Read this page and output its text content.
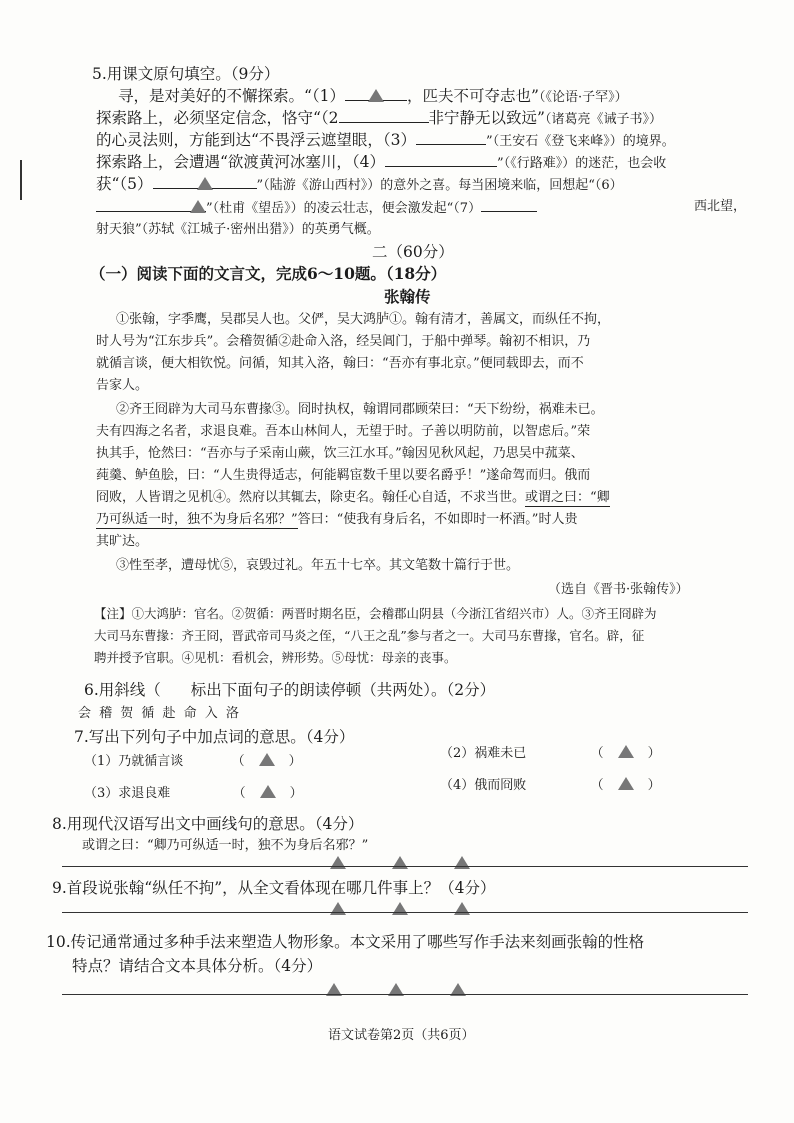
5.用课文原句填空。（9分）
寻，是对美好的不懈探索。“（1）	，匹夫不可夺志也”（《论语·子罕》）
探索路上，必须坚定信念，恪守“（2	非宁静无以致远”（诸葛亮《诫子书》）
的心灵法则，方能到达“不畏浮云遮望眼，（3）	”（王安石《登飞来峰》）的境界。
探索路上，会遭遇“欲渡黄河冰塞川，（4）	”（《行路难》）的迷茫，也会收
获“（5）	”（陆游《游山西村》）的意外之喜。每当困境来临，回想起“（6）
西北望，
”（杜甫《望岳》）的凌云壮志，便会激发起“（7）
射天狼”（苏轼《江城子·密州出猎》）的英勇气概。
二（60分）
（一）阅读下面的文言文，完成6～10题。（18分）
张翰传
①张翰，字季鹰，吴郡吴人也。父俨，吴大鸿胪①。翰有清才，善属文，而纵任不拘，
时人号为“江东步兵”。会稽贺循②赴命入洛，经吴阊门，于船中弹琴。翰初不相识，乃
就循言谈，便大相钦悦。问循，知其入洛，翰曰：“吾亦有事北京。”便同载即去，而不
告家人。
②齐王冏辟为大司马东曹掾③。冏时执权，翰谓同郡顾荣曰：“天下纷纷，祸难未已。
夫有四海之名者，求退良难。吾本山林间人，无望于时。子善以明防前，以智虑后。”荣
执其手，怆然曰：“吾亦与子采南山蕨，饮三江水耳。”翰因见秋风起，乃思吴中菰菜、
莼羹、鲈鱼脍，曰：“人生贵得适志，何能羁宦数千里以要名爵乎！”遂命驾而归。俄而
冏败，人皆谓之见机④。然府以其辄去，除吏名。翰任心自适，不求当世。或谓之曰：“卿
乃可纵适一时，独不为身后名邪？”答曰：“使我有身后名，不如即时一杯酒。”时人贵
其旷达。
③性至孝，遭母忧⑤，哀毁过礼。年五十七卒。其文笔数十篇行于世。
（选自《晋书·张翰传》）
【注】①大鸿胪：官名。②贺循：两晋时期名臣，会稽郡山阴县（今浙江省绍兴市）人。③齐王冏辟为
大司马东曹掾：齐王冏，晋武帝司马炎之侄，“八王之乱”参与者之一。大司马东曹掾，官名。辟，征
聘并授予官职。④见机：看机会，辨形势。⑤母忧：母亲的丧事。
6.用斜线（ 标出下面句子的朗读停顿（共两处）。（2分）
会 稽 贺 循 赴 命 入 洛
7.写出下列句子中加点词的意思。（4分）
（1）乃就循言谈	（	）
（2）祸难未已	（	）
（3）求退良难	（	）
（4）俄而冏败	（	）
8.用现代汉语写出文中画线句的意思。（4分）
或谓之曰：“卿乃可纵适一时，独不为身后名邪？”
9.首段说张翰“纵任不拘”，从全文看体现在哪几件事上？（4分）
10.传记通常通过多种手法来塑造人物形象。本文采用了哪些写作手法来刻画张翰的性格
特点？请结合文本具体分析。（4分）
语文试卷第2页（共6页）
